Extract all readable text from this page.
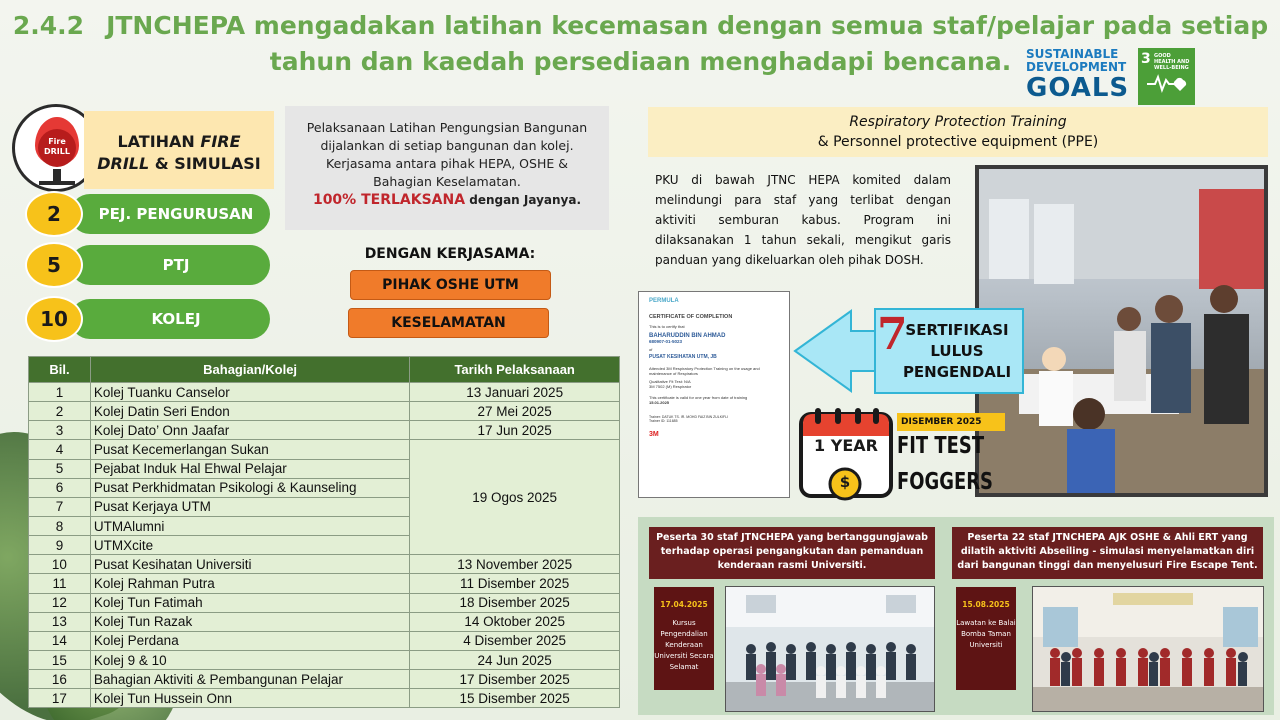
2.4.2 JTNCHEPA mengadakan latihan kecemasan dengan semua staf/pelajar pada setiap tahun dan kaedah persediaan menghadapi bencana.	SUSTAINABLE
DEVELOPMENT
GOALS
3 GOOD HEALTH AND WELL-BEING
Fire
DRILL
LATIHAN FIRE
DRILL & SIMULASI
2	PEJ. PENGURUSAN
5	PTJ
10	KOLEJ
Pelaksanaan Latihan Pengungsian Bangunan
dijalankan di setiap bangunan dan kolej.
Kerjasama antara pihak HEPA, OSHE &
Bahagian Keselamatan.
100% TERLAKSANA dengan Jayanya.
DENGAN KERJASAMA:
PIHAK OSHE UTM
KESELAMATAN
Bil.	Bahagian/Kolej	Tarikh Pelaksanaan
1	Kolej Tuanku Canselor	13 Januari 2025
2	Kolej Datin Seri Endon	27 Mei 2025
3	Kolej Dato’ Onn Jaafar	17 Jun 2025
4	Pusat Kecemerlangan Sukan	19 Ogos 2025
5	Pejabat Induk Hal Ehwal Pelajar	
6	Pusat Perkhidmatan Psikologi & Kaunseling	
7	Pusat Kerjaya UTM	
8	UTMAlumni	
9	UTMXcite	
10	Pusat Kesihatan Universiti	13 November 2025
11	Kolej Rahman Putra	11 Disember 2025
12	Kolej Tun Fatimah	18 Disember 2025
13	Kolej Tun Razak	14 Oktober 2025
14	Kolej Perdana	4 Disember 2025
15	Kolej 9 & 10	24 Jun 2025
16	Bahagian Aktiviti & Pembangunan Pelajar	17 Disember 2025
17	Kolej Tun Hussein Onn	15 Disember 2025
Respiratory Protection Training
& Personnel protective equipment (PPE)
PKU di bawah JTNC HEPA komited dalam melindungi para staf yang terlibat dengan aktiviti semburan kabus. Program ini dilaksanakan 1 tahun sekali, mengikut garis panduan yang dikeluarkan oleh pihak DOSH.
PERMULA
CERTIFICATE OF COMPLETION
This is to certify that
BAHARUDDIN BIN AHMAD
680907-01-5023
of
PUSAT KESIHATAN UTM, JB
Attended 3M Respiratory Protection Training on the usage and maintenance of Respirators
Qualitative Fit Test: N/A
3M 7502 (M) Respirator
This certificate is valid for one year from date of training
15.01.2025
Trainer: DATUK TS. IR. MOHD FAIZ BIN ZULKIFLI
Trainer ID: 111685
3M
7
SERTIFIKASI
LULUS
PENGENDALI
1 YEAR
$
DISEMBER 2025
FIT TEST
FOGGERS
Peserta 30 staf JTNCHEPA yang bertanggungjawab terhadap operasi pengangkutan dan pemanduan kenderaan rasmi Universiti.
17.04.2025
Kursus Pengendalian Kenderaan Universiti Secara Selamat
Peserta 22 staf JTNCHEPA AJK OSHE & Ahli ERT yang dilatih aktiviti Abseiling - simulasi menyelamatkan diri dari bangunan tinggi dan menyelusuri Fire Escape Tent.
15.08.2025
Lawatan ke Balai Bomba Taman Universiti
